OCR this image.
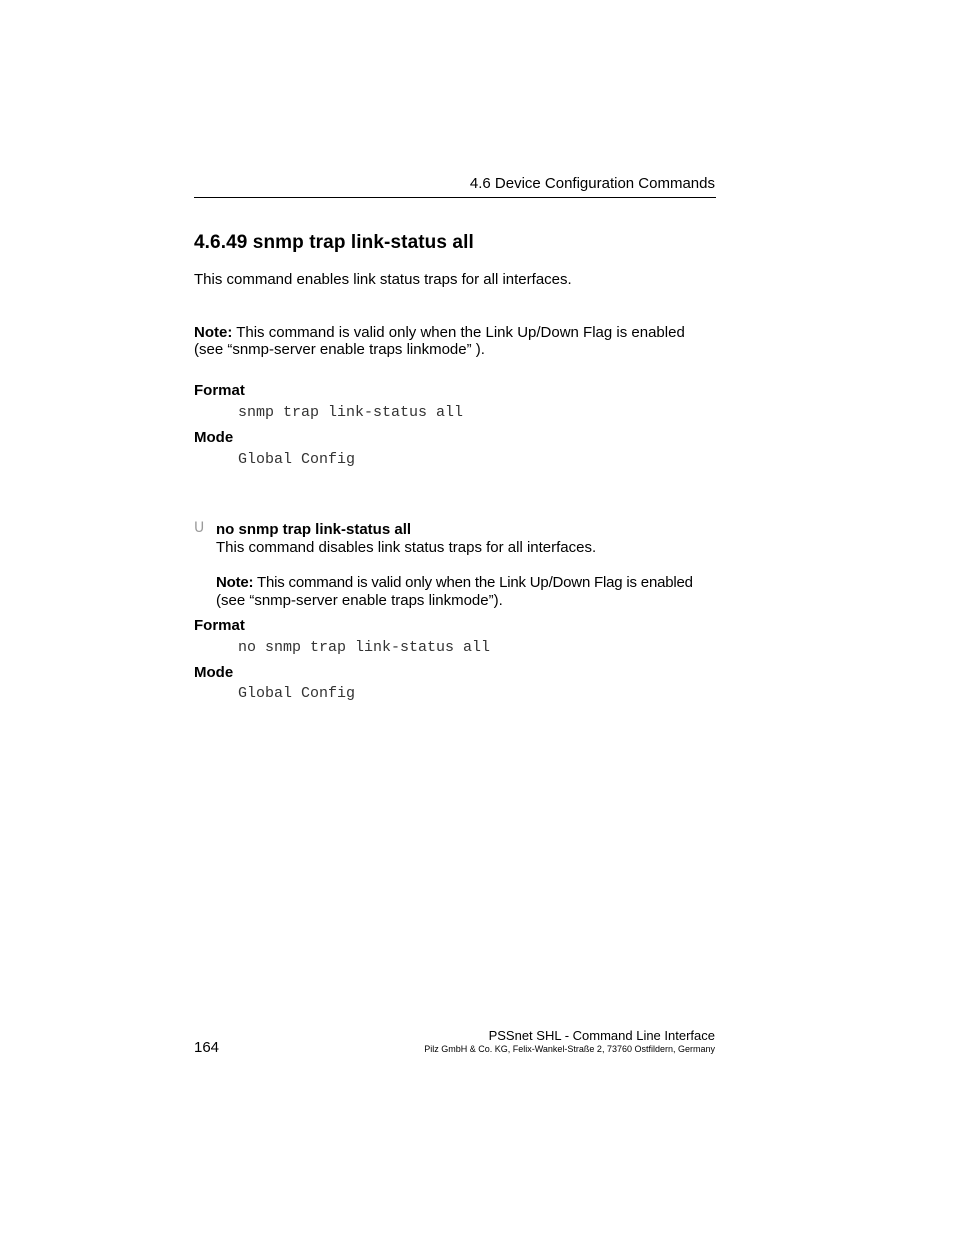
4.6 Device Configuration Commands
4.6.49 snmp trap link-status all
This command enables link status traps for all interfaces.
Note: This command is valid only when the Link Up/Down Flag is enabled
(see “snmp-server enable traps linkmode” ).
Format
snmp trap link-status all
Mode
Global Config
U no snmp trap link-status all
This command disables link status traps for all interfaces.
Note: This command is valid only when the Link Up/Down Flag is enabled
(see “snmp-server enable traps linkmode”).
Format
no snmp trap link-status all
Mode
Global Config
164
PSSnet SHL - Command Line Interface
Pilz GmbH & Co. KG, Felix-Wankel-Straße 2, 73760 Ostfildern, Germany
